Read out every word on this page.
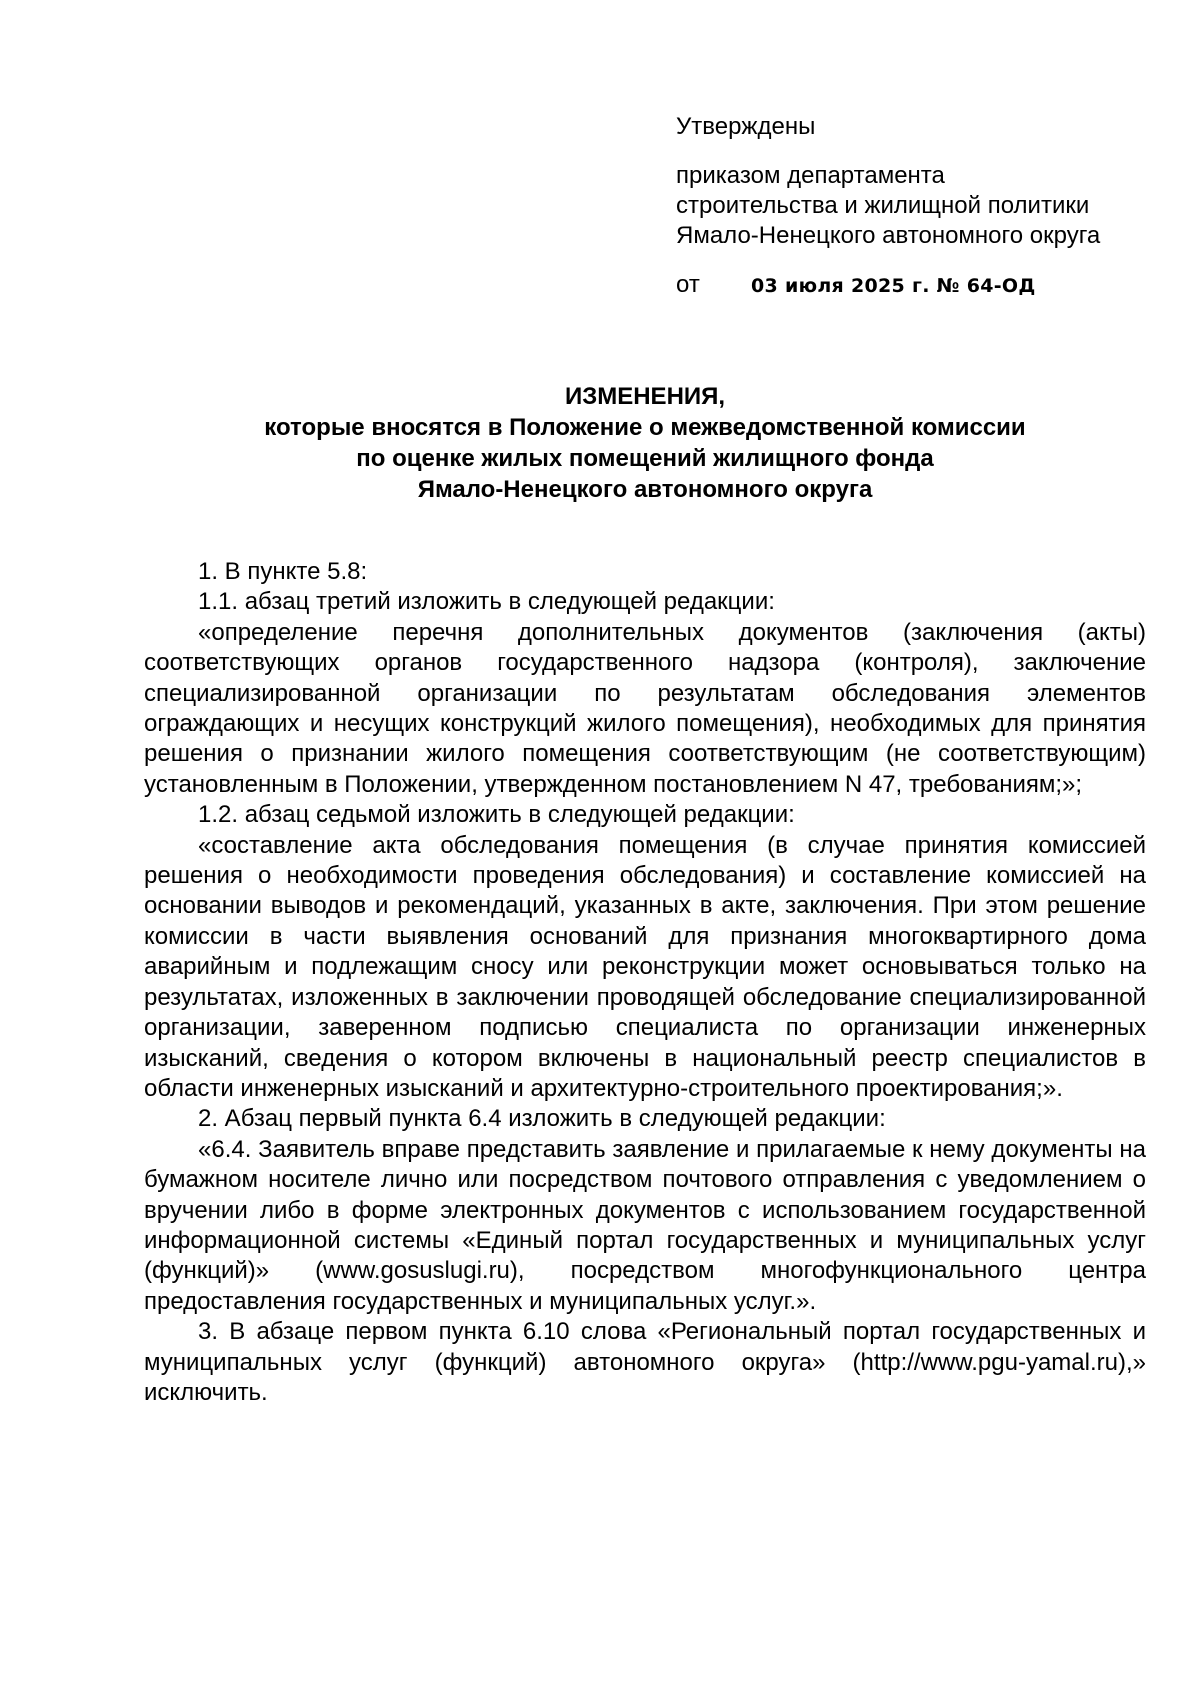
Утверждены
приказом департамента
строительства и жилищной политики
Ямало-Ненецкого автономного округа
от	03 июля 2025 г. № 64-ОД
ИЗМЕНЕНИЯ,
которые вносятся в Положение о межведомственной комиссии
по оценке жилых помещений жилищного фонда
Ямало-Ненецкого автономного округа

1. В пункте 5.8:

1.1. абзац третий изложить в следующей редакции:

«определение перечня дополнительных документов (заключения (акты) соответствующих органов государственного надзора (контроля), заключение специализированной организации по результатам обследования элементов ограждающих и несущих конструкций жилого помещения), необходимых для принятия решения о признании жилого помещения соответствующим (не соответствующим) установленным в Положении, утвержденном постановлением N 47, требованиям;»;

1.2. абзац седьмой изложить в следующей редакции:

«составление акта обследования помещения (в случае принятия комиссией решения о необходимости проведения обследования) и составление комиссией на основании выводов и рекомендаций, указанных в акте, заключения. При этом решение комиссии в части выявления оснований для признания многоквартирного дома аварийным и подлежащим сносу или реконструкции может основываться только на результатах, изложенных в заключении проводящей обследование специализированной организации, заверенном подписью специалиста по организации инженерных изысканий, сведения о котором включены в национальный реестр специалистов в области инженерных изысканий и архитектурно-строительного проектирования;».

2. Абзац первый пункта 6.4 изложить в следующей редакции:

«6.4. Заявитель вправе представить заявление и прилагаемые к нему документы на бумажном носителе лично или посредством почтового отправления с уведомлением о вручении либо в форме электронных документов с использованием государственной информационной системы «Единый портал государственных и муниципальных услуг (функций)» (www.gosuslugi.ru), посредством многофункционального центра предоставления государственных и муниципальных услуг.».

3. В абзаце первом пункта 6.10 слова «Региональный портал государственных и муниципальных услуг (функций) автономного округа» (http://www.pgu-yamal.ru),» исключить.
